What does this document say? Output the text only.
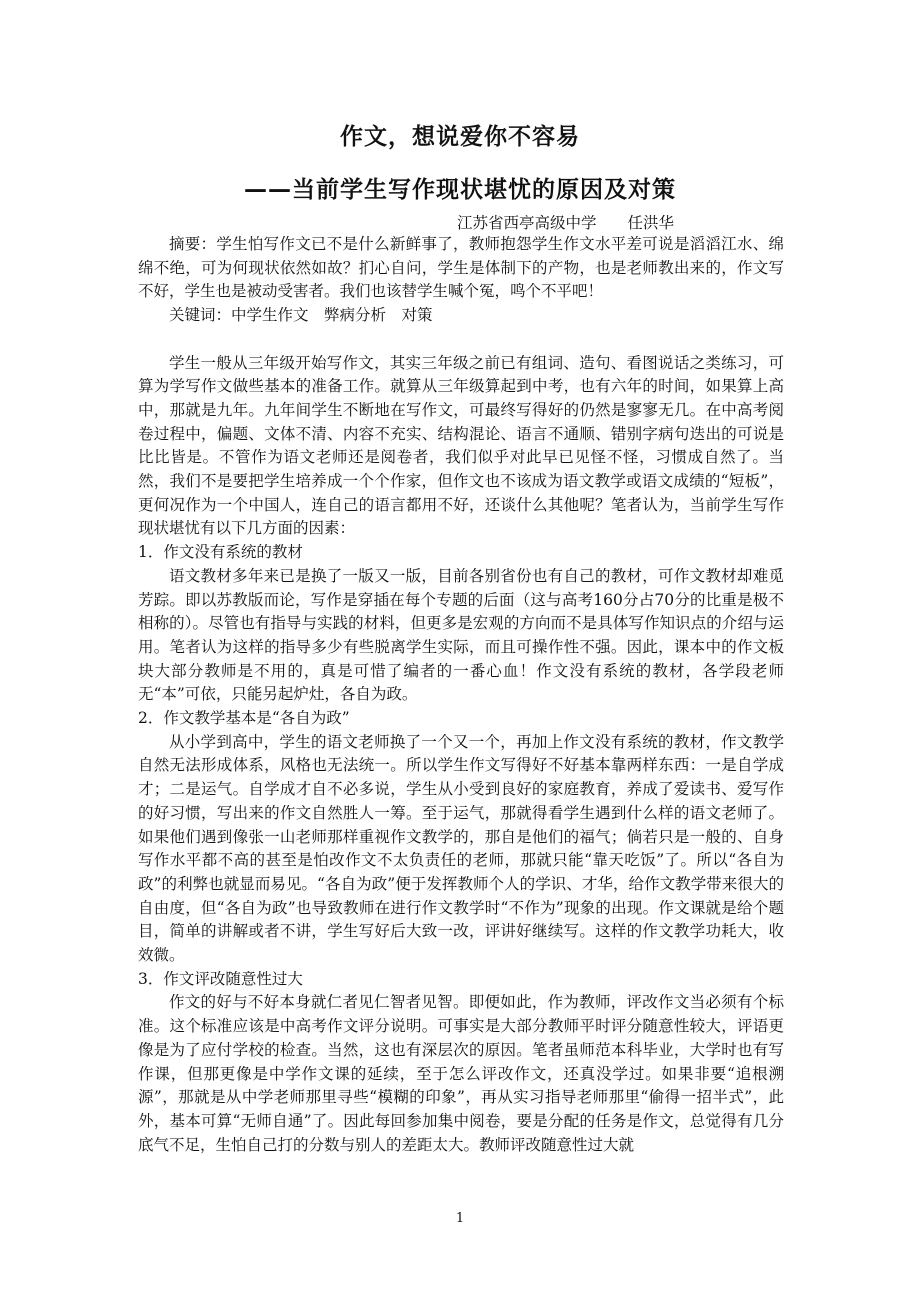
作文，想说爱你不容易
——当前学生写作现状堪忧的原因及对策
江苏省西亭高级中学　　任洪华

摘要：学生怕写作文已不是什么新鲜事了，教师抱怨学生作文水平差可说是滔滔江水、绵绵不绝，可为何现状依然如故？扪心自问，学生是体制下的产物，也是老师教出来的，作文写不好，学生也是被动受害者。我们也该替学生喊个冤，鸣个不平吧！

关键词：中学生作文　弊病分析　对策

学生一般从三年级开始写作文，其实三年级之前已有组词、造句、看图说话之类练习，可算为学写作文做些基本的准备工作。就算从三年级算起到中考，也有六年的时间，如果算上高中，那就是九年。九年间学生不断地在写作文，可最终写得好的仍然是寥寥无几。在中高考阅卷过程中，偏题、文体不清、内容不充实、结构混论、语言不通顺、错别字病句迭出的可说是比比皆是。不管作为语文老师还是阅卷者，我们似乎对此早已见怪不怪，习惯成自然了。当然，我们不是要把学生培养成一个个作家，但作文也不该成为语文教学或语文成绩的“短板”，更何况作为一个中国人，连自己的语言都用不好，还谈什么其他呢？笔者认为，当前学生写作现状堪忧有以下几方面的因素：

1．作文没有系统的教材

语文教材多年来已是换了一版又一版，目前各别省份也有自己的教材，可作文教材却难觅芳踪。即以苏教版而论，写作是穿插在每个专题的后面（这与高考160分占70分的比重是极不相称的）。尽管也有指导与实践的材料，但更多是宏观的方向而不是具体写作知识点的介绍与运用。笔者认为这样的指导多少有些脱离学生实际，而且可操作性不强。因此，课本中的作文板块大部分教师是不用的，真是可惜了编者的一番心血！作文没有系统的教材，各学段老师无“本”可依，只能另起炉灶，各自为政。

2．作文教学基本是“各自为政”

从小学到高中，学生的语文老师换了一个又一个，再加上作文没有系统的教材，作文教学自然无法形成体系，风格也无法统一。所以学生作文写得好不好基本靠两样东西：一是自学成才；二是运气。自学成才自不必多说，学生从小受到良好的家庭教育，养成了爱读书、爱写作的好习惯，写出来的作文自然胜人一筹。至于运气，那就得看学生遇到什么样的语文老师了。如果他们遇到像张一山老师那样重视作文教学的，那自是他们的福气；倘若只是一般的、自身写作水平都不高的甚至是怕改作文不太负责任的老师，那就只能“靠天吃饭”了。所以“各自为政”的利弊也就显而易见。“各自为政”便于发挥教师个人的学识、才华，给作文教学带来很大的自由度，但“各自为政”也导致教师在进行作文教学时“不作为”现象的出现。作文课就是给个题目，简单的讲解或者不讲，学生写好后大致一改，评讲好继续写。这样的作文教学功耗大，收效微。

3．作文评改随意性过大

作文的好与不好本身就仁者见仁智者见智。即便如此，作为教师，评改作文当必须有个标准。这个标准应该是中高考作文评分说明。可事实是大部分教师平时评分随意性较大，评语更像是为了应付学校的检查。当然，这也有深层次的原因。笔者虽师范本科毕业，大学时也有写作课，但那更像是中学作文课的延续，至于怎么评改作文，还真没学过。如果非要“追根溯源”，那就是从中学老师那里寻些“模糊的印象”，再从实习指导老师那里“偷得一招半式”，此外，基本可算“无师自通”了。因此每回参加集中阅卷，要是分配的任务是作文，总觉得有几分底气不足，生怕自己打的分数与别人的差距太大。教师评改随意性过大就

1
